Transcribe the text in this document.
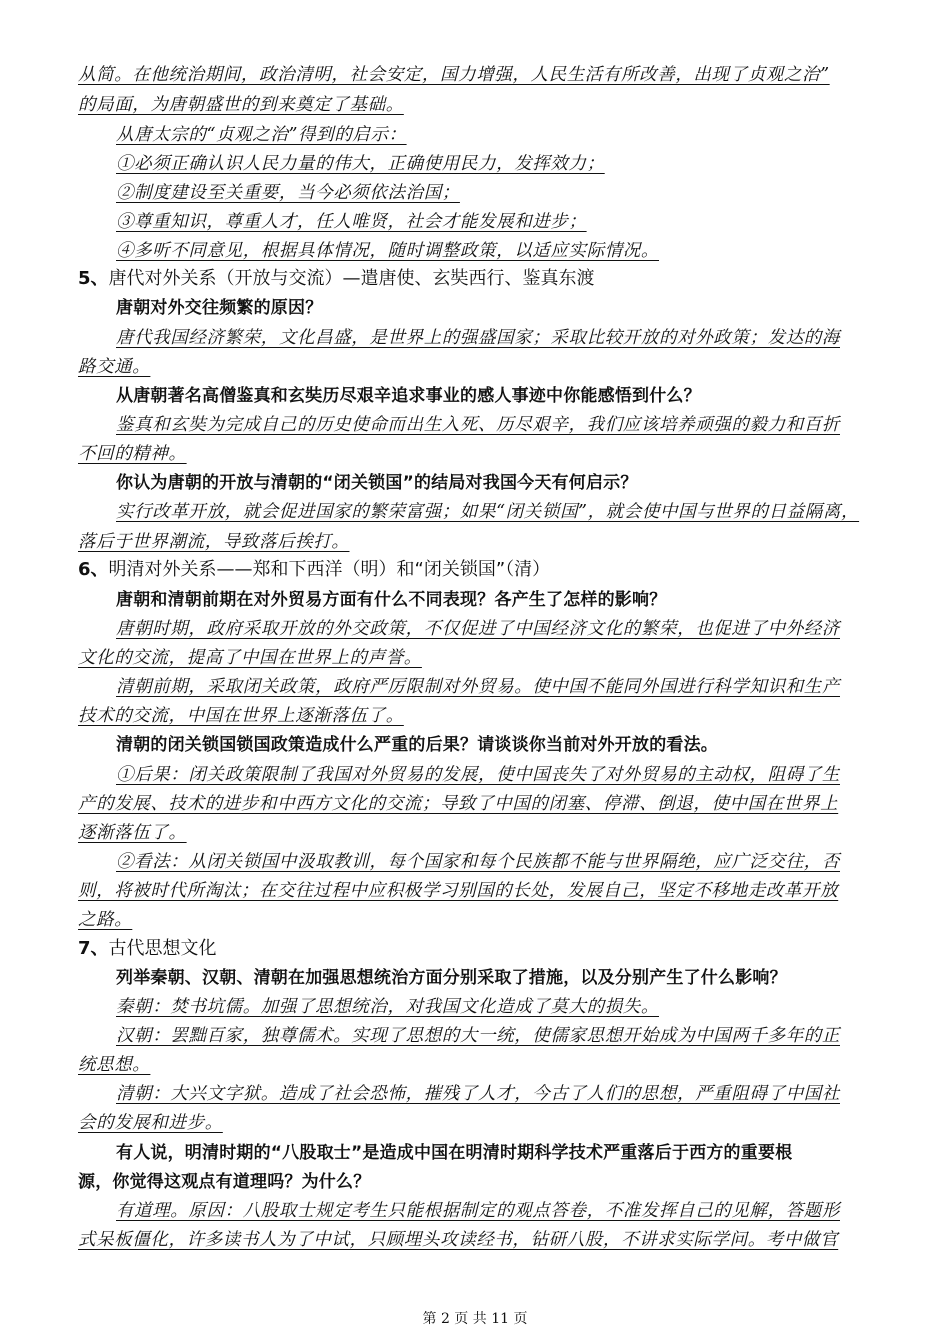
从简。在他统治期间，政治清明，社会安定，国力增强，人民生活有所改善，出现了贞观之治”
的局面，为唐朝盛世的到来奠定了基础。
从唐太宗的“贞观之治”得到的启示：
①必须正确认识人民力量的伟大，正确使用民力，发挥效力；
②制度建设至关重要，当今必须依法治国；
③尊重知识，尊重人才，任人唯贤，社会才能发展和进步；
④多听不同意见，根据具体情况，随时调整政策，以适应实际情况。
5、唐代对外关系（开放与交流）—遣唐使、玄奘西行、鉴真东渡
唐朝对外交往频繁的原因？
唐代我国经济繁荣，文化昌盛，是世界上的强盛国家；采取比较开放的对外政策；发达的海
路交通。
从唐朝著名高僧鉴真和玄奘历尽艰辛追求事业的感人事迹中你能感悟到什么？
鉴真和玄奘为完成自己的历史使命而出生入死、历尽艰辛，我们应该培养顽强的毅力和百折
不回的精神。
你认为唐朝的开放与清朝的“闭关锁国”的结局对我国今天有何启示？
实行改革开放，就会促进国家的繁荣富强；如果“闭关锁国”，就会使中国与世界的日益隔离，
落后于世界潮流，导致落后挨打。
6、明清对外关系——郑和下西洋（明）和“闭关锁国”（清）
唐朝和清朝前期在对外贸易方面有什么不同表现？各产生了怎样的影响？
唐朝时期，政府采取开放的外交政策，不仅促进了中国经济文化的繁荣，也促进了中外经济
文化的交流，提高了中国在世界上的声誉。
清朝前期，采取闭关政策，政府严厉限制对外贸易。使中国不能同外国进行科学知识和生产
技术的交流，中国在世界上逐渐落伍了。
清朝的闭关锁国锁国政策造成什么严重的后果？请谈谈你当前对外开放的看法。
①后果：闭关政策限制了我国对外贸易的发展，使中国丧失了对外贸易的主动权，阻碍了生
产的发展、技术的进步和中西方文化的交流；导致了中国的闭塞、停滞、倒退，使中国在世界上
逐渐落伍了。
②看法：从闭关锁国中汲取教训，每个国家和每个民族都不能与世界隔绝，应广泛交往，否
则，将被时代所淘汰；在交往过程中应积极学习别国的长处，发展自己，坚定不移地走改革开放
之路。
7、古代思想文化
列举秦朝、汉朝、清朝在加强思想统治方面分别采取了措施，以及分别产生了什么影响？
秦朝：焚书坑儒。加强了思想统治，对我国文化造成了莫大的损失。
汉朝：罢黜百家，独尊儒术。实现了思想的大一统，使儒家思想开始成为中国两千多年的正
统思想。
清朝：大兴文字狱。造成了社会恐怖，摧残了人才，今古了人们的思想，严重阻碍了中国社
会的发展和进步。
有人说，明清时期的“八股取士”是造成中国在明清时期科学技术严重落后于西方的重要根
源，你觉得这观点有道理吗？为什么？
有道理。原因：八股取士规定考生只能根据制定的观点答卷，不准发挥自己的见解，答题形
式呆板僵化，许多读书人为了中试，只顾埋头攻读经书，钻研八股，不讲求实际学问。考中做官
第 2 页 共 11 页
